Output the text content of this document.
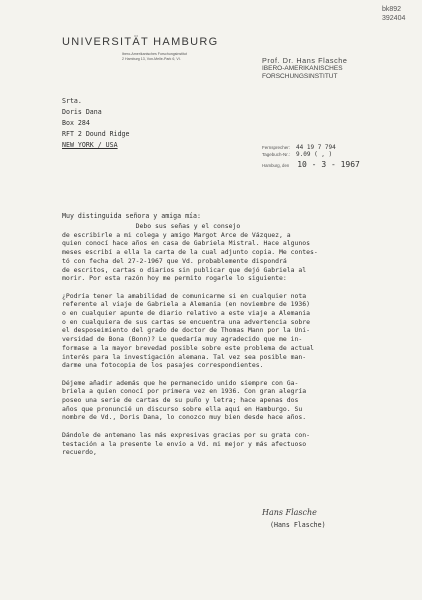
UNIVERSITÄT HAMBURG
Ibero-Amerikanisches Forschungsinstitut
2 Hamburg 13, Von-Melle-Park 6, VI.
bk892
392404
Prof. Dr. Hans Flasche
IBERO-AMERIKANISCHES
FORSCHUNGSINSTITUT
Fernsprecher: 44 19 7 794
Tagebuch-Nr.: 9.09 ( , )
Srta.
Doris Dana
Box 284
RFT 2 Dound Ridge
NEW YORK / USA
Hamburg, den 10 - 3 - 1967
Muy distinguida señora y amiga mía:
Debo sus señas y el consejo
de escribirle a mi colega y amigo Margot Arce de Vázquez, a
quien conocí hace años en casa de Gabriela Mistral. Hace algunos
meses escribí a ella la carta de la cual adjunto copia. Me contes-
tó con fecha del 27-2-1967 que Vd. probablemente dispondrá
de escritos, cartas o diarios sin publicar que dejó Gabriela al
morir. Por esta razón hoy me permito rogarle lo siguiente:

¿Podría tener la amabilidad de comunicarme si en cualquier nota
referente al viaje de Gabriela a Alemania (en noviembre de 1936)
o en cualquier apunte de diario relativo a este viaje a Alemania
o en cualquiera de sus cartas se encuentra una advertencia sobre
el desposeimiento del grado de doctor de Thomas Mann por la Uni-
versidad de Bona (Bonn)? Le quedaría muy agradecido que me in-
formase a la mayor brevedad posible sobre este problema de actual
interés para la investigación alemana. Tal vez sea posible man-
darme una fotocopia de los pasajes correspondientes.

Déjeme añadir además que he permanecido unido siempre con Ga-
briela a quien conocí por primera vez en 1936. Con gran alegría
poseo una serie de cartas de su puño y letra; hace apenas dos
años que pronuncié un discurso sobre ella aquí en Hamburgo. Su
nombre de Vd., Doris Dana, lo conozco muy bien desde hace años.

Dándole de antemano las más expresivas gracias por su grata con-
testación a la presente le envío a Vd. mi mejor y más afectuoso
recuerdo,
Hans Flasche
(Hans Flasche)
